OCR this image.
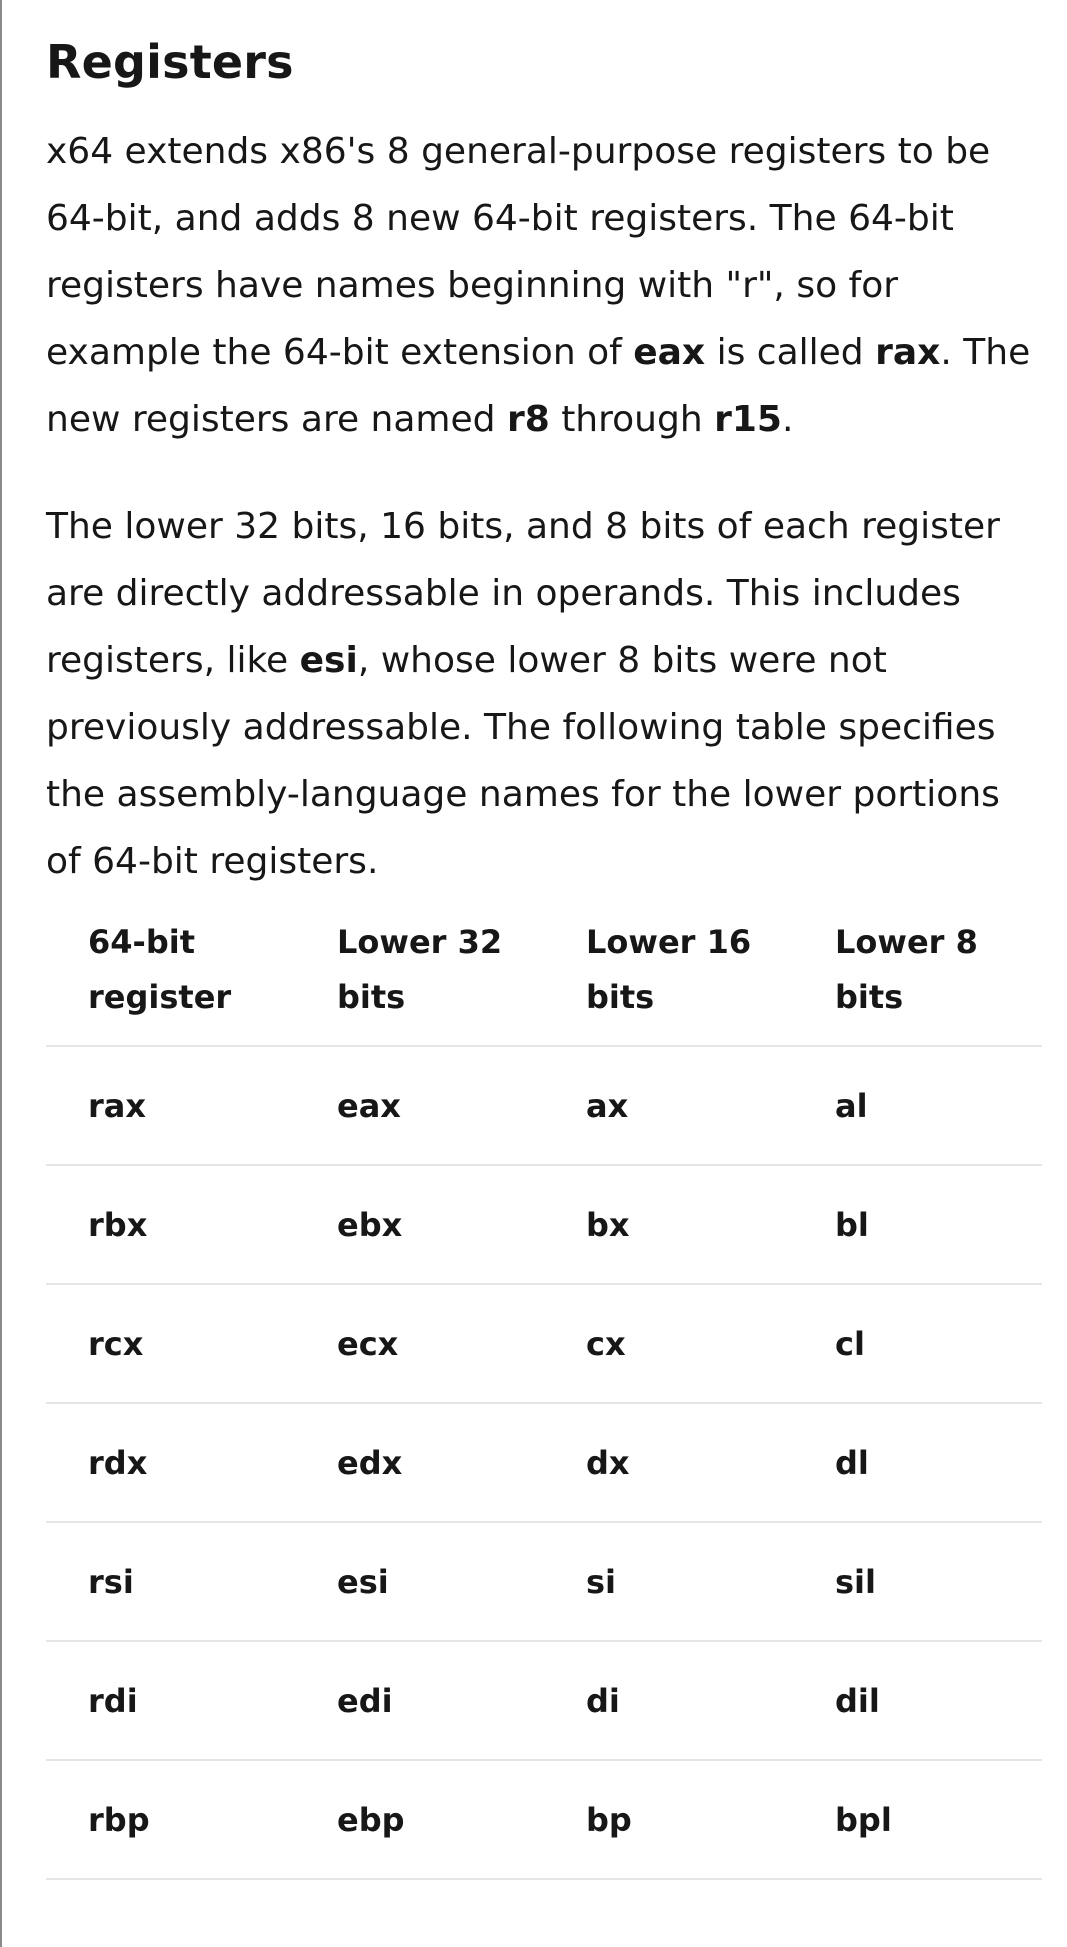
Registers

x64 extends x86's 8 general-purpose registers to be 64-bit, and adds 8 new 64-bit registers. The 64-bit registers have names beginning with "r", so for example the 64-bit extension of eax is called rax. The new registers are named r8 through r15.

The lower 32 bits, 16 bits, and 8 bits of each register are directly addressable in operands. This includes registers, like esi, whose lower 8 bits were not previously addressable. The following table specifies the assembly-language names for the lower portions of 64-bit registers.

64-bit register	Lower 32 bits	Lower 16 bits	Lower 8 bits
rax	eax	ax	al
rbx	ebx	bx	bl
rcx	ecx	cx	cl
rdx	edx	dx	dl
rsi	esi	si	sil
rdi	edi	di	dil
rbp	ebp	bp	bpl
